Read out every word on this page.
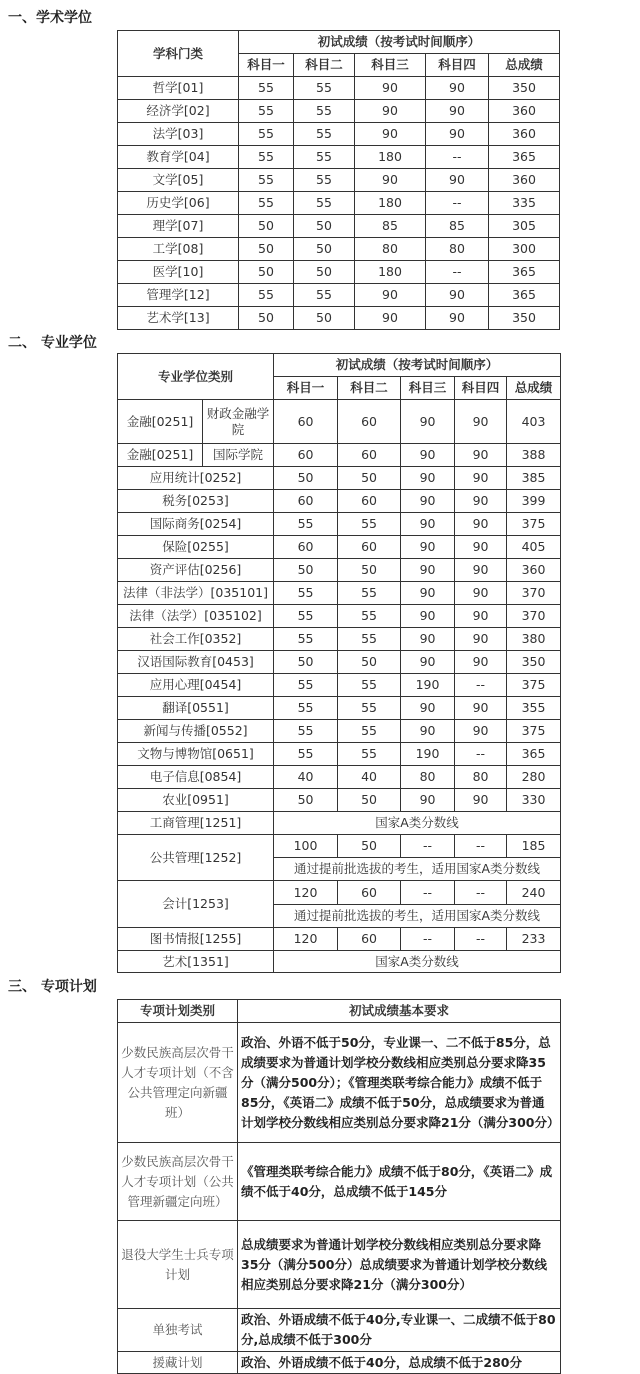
一、学术学位
学科门类	初试成绩（按考试时间顺序）				
	科目一	科目二	科目三	科目四	总成绩
哲学[01]	55	55	90	90	350
经济学[02]	55	55	90	90	360
法学[03]	55	55	90	90	360
教育学[04]	55	55	180	--	365
文学[05]	55	55	90	90	360
历史学[06]	55	55	180	--	335
理学[07]	50	50	85	85	305
工学[08]	50	50	80	80	300
医学[10]	50	50	180	--	365
管理学[12]	55	55	90	90	365
艺术学[13]	50	50	90	90	350
二、 专业学位
专业学位类别		初试成绩（按考试时间顺序）				
		科目一	科目二	科目三	科目四	总成绩
金融[0251]	财政金融学院	60	60	90	90	403
金融[0251]	国际学院	60	60	90	90	388
应用统计[0252]		50	50	90	90	385
税务[0253]		60	60	90	90	399
国际商务[0254]		55	55	90	90	375
保险[0255]		60	60	90	90	405
资产评估[0256]		50	50	90	90	360
法律（非法学）[035101]		55	55	90	90	370
法律（法学）[035102]		55	55	90	90	370
社会工作[0352]		55	55	90	90	380
汉语国际教育[0453]		50	50	90	90	350
应用心理[0454]		55	55	190	--	375
翻译[0551]		55	55	90	90	355
新闻与传播[0552]		55	55	90	90	375
文物与博物馆[0651]		55	55	190	--	365
电子信息[0854]		40	40	80	80	280
农业[0951]		50	50	90	90	330
工商管理[1251]		国家A类分数线				
公共管理[1252]		100	50	--	--	185
		通过提前批选拔的考生，适用国家A类分数线				
会计[1253]		120	60	--	--	240
		通过提前批选拔的考生，适用国家A类分数线				
图书情报[1255]		120	60	--	--	233
艺术[1351]		国家A类分数线				
三、 专项计划
专项计划类别	初试成绩基本要求
少数民族高层次骨干人才专项计划（不含公共管理定向新疆班）	政治、外语不低于50分，专业课一、二不低于85分，总成绩要求为普通计划学校分数线相应类别总分要求降35分（满分500分）；《管理类联考综合能力》成绩不低于85分，《英语二》成绩不低于50分，总成绩要求为普通计划学校分数线相应类别总分要求降21分（满分300分）
少数民族高层次骨干人才专项计划（公共管理新疆定向班）	《管理类联考综合能力》成绩不低于80分，《英语二》成绩不低于40分，总成绩不低于145分
退役大学生士兵专项计划	总成绩要求为普通计划学校分数线相应类别总分要求降35分（满分500分）总成绩要求为普通计划学校分数线相应类别总分要求降21分（满分300分）
单独考试	政治、外语成绩不低于40分,专业课一、二成绩不低于80分,总成绩不低于300分
援藏计划	政治、外语成绩不低于40分，总成绩不低于280分
